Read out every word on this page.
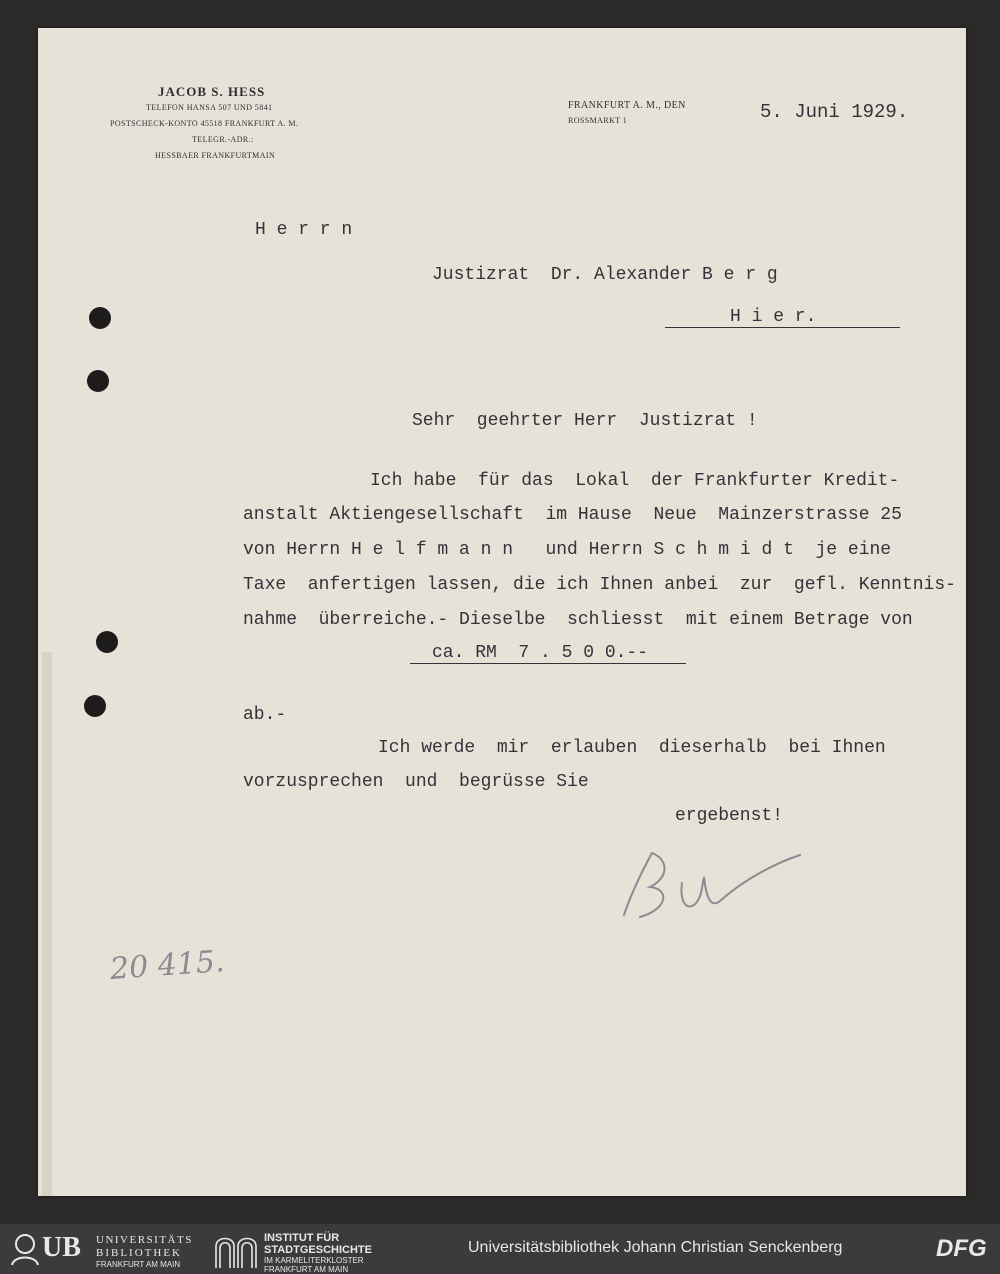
JACOB S. HESS
TELEFON HANSA 507 UND 5841
POSTSCHECK-KONTO 45518 FRANKFURT A. M.
TELEGR.-ADR.:
HESSBAER FRANKFURTMAIN
FRANKFURT A. M., DEN
ROSSMARKT 1	5. Juni 1929.
H e r r n
Justizrat  Dr. Alexander B e r g
H i e r.
Sehr  geehrter Herr  Justizrat !
Ich habe  für das  Lokal  der Frankfurter Kredit-
anstalt Aktiengesellschaft  im Hause  Neue  Mainzerstrasse 25
von Herrn H e l f m a n n   und Herrn S c h m i d t  je eine
Taxe  anfertigen lassen, die ich Ihnen anbei  zur  gefl. Kenntnis-
nahme  überreiche.- Dieselbe  schliesst  mit einem Betrage von
ca. RM  7 . 5 0 0.--
ab.-
Ich werde  mir  erlauben  dieserhalb  bei Ihnen
vorzusprechen  und  begrüsse Sie
ergebenst!
20 415.
UB UNIVERSITÄTS
BIBLIOTHEK
FRANKFURT AM MAIN
INSTITUT FÜR
STADTGESCHICHTE
IM KARMELITERKLOSTER
FRANKFURT AM MAIN
Universitätsbibliothek Johann Christian Senckenberg	DFG
